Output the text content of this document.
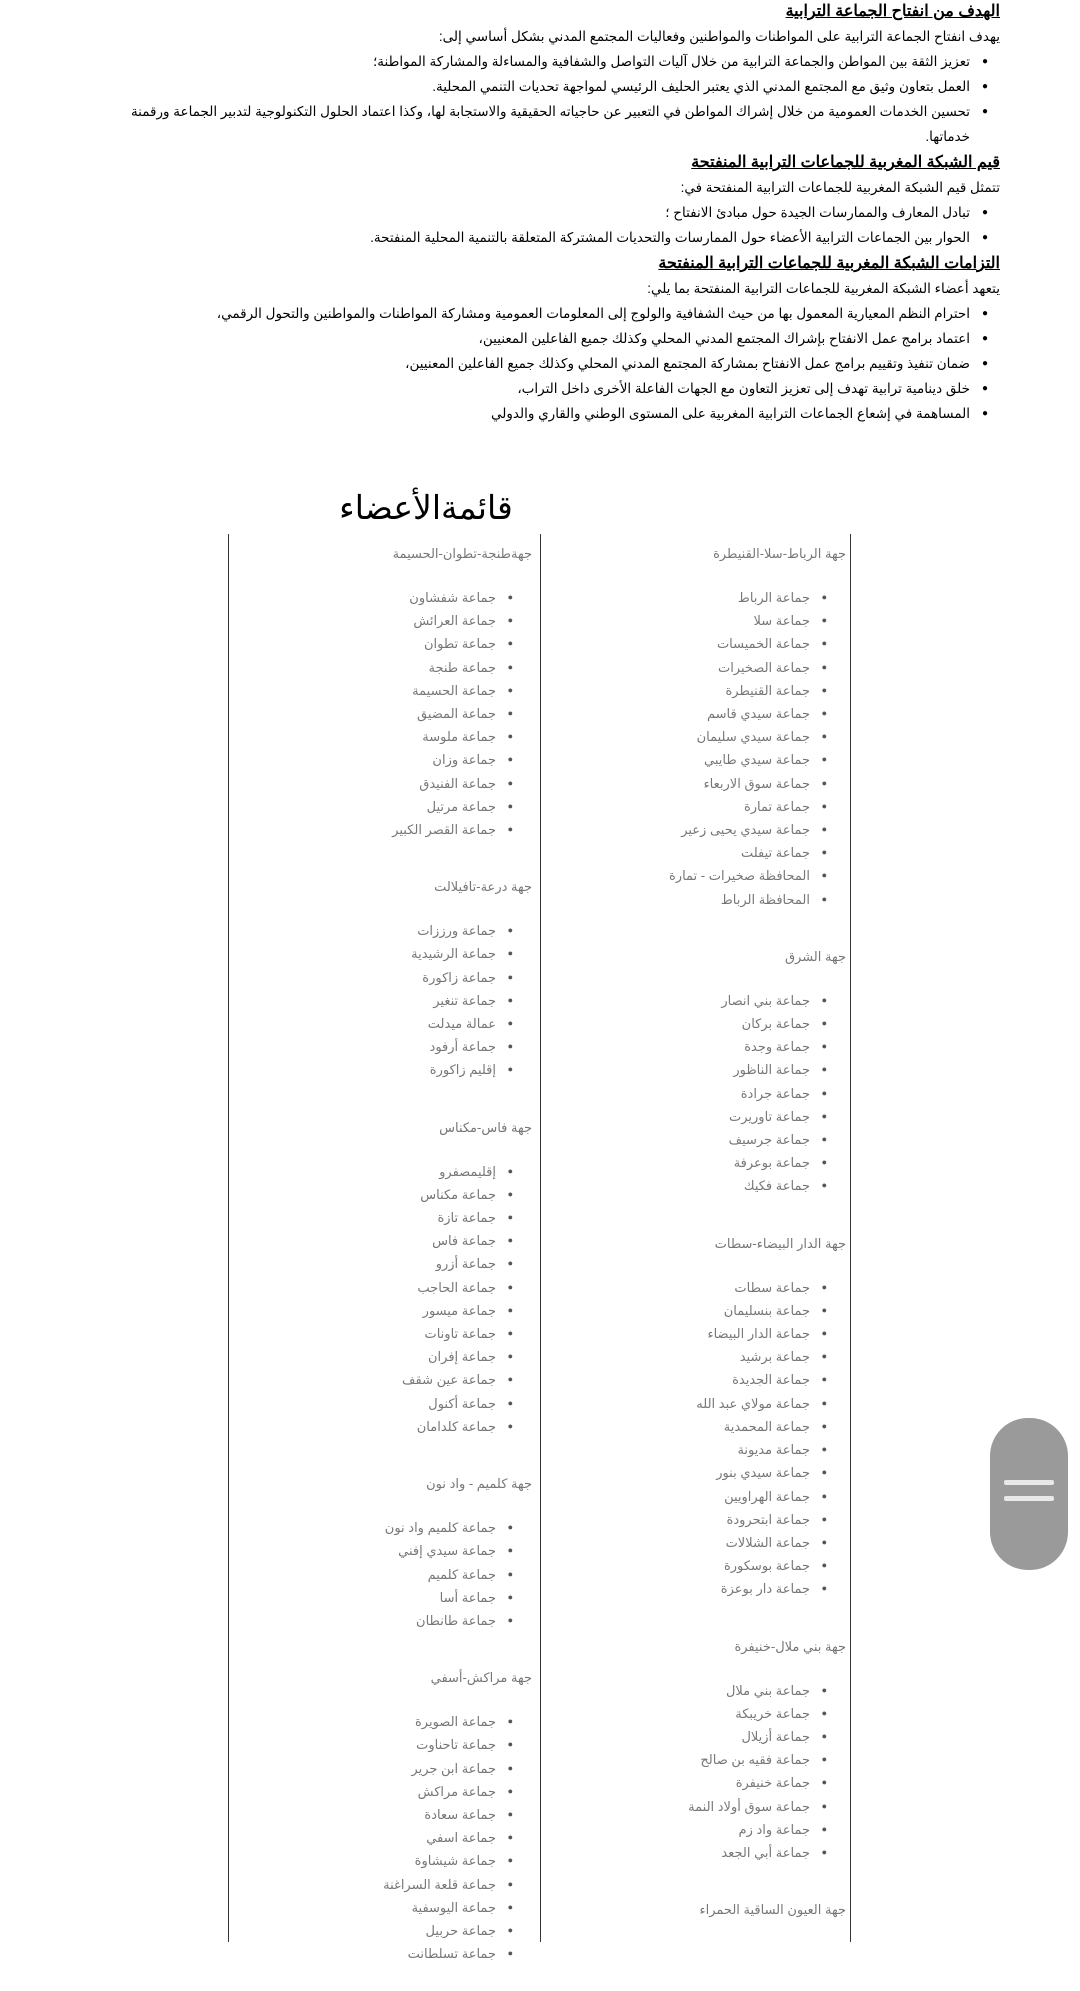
الهدف من انفتاح الجماعة الترابية

يهدف انفتاح الجماعة الترابية على المواطنات والمواطنين وفعاليات المجتمع المدني بشكل أساسي إلى:

● تعزيز الثقة بين المواطن والجماعة الترابية من خلال آليات التواصل والشفافية والمساءلة والمشاركة المواطنة؛
● العمل بتعاون وثيق مع المجتمع المدني الذي يعتبر الحليف الرئيسي لمواجهة تحديات التنمي المحلية.
● تحسين الخدمات العمومية من خلال إشراك المواطن في التعبير عن حاجياته الحقيقية والاستجابة لها، وكذا اعتماد الحلول التكنولوجية لتدبير الجماعة ورقمنة خدماتها.
قيم الشبكة المغربية للجماعات الترابية المنفتحة

تتمثل قيم الشبكة المغربية للجماعات الترابية المنفتحة في:

● تبادل المعارف والممارسات الجيدة حول مبادئ الانفتاح ؛
● الحوار بين الجماعات الترابية الأعضاء حول الممارسات والتحديات المشتركة المتعلقة بالتنمية المحلية المنفتحة.
التزامات الشبكة المغربية للجماعات الترابية المنفتحة

يتعهد أعضاء الشبكة المغربية للجماعات الترابية المنفتحة بما يلي:

● احترام النظم المعيارية المعمول بها من حيث الشفافية والولوج إلى المعلومات العمومية ومشاركة المواطنات والمواطنين والتحول الرقمي،
● اعتماد برامج عمل الانفتاح بإشراك المجتمع المدني المحلي وكذلك جميع الفاعلين المعنيين،
● ضمان تنفيذ وتقييم برامج عمل الانفتاح بمشاركة المجتمع المدني المحلي وكذلك جميع الفاعلين المعنيين،
● خلق دينامية ترابية تهدف إلى تعزيز التعاون مع الجهات الفاعلة الأخرى داخل التراب،
● المساهمة في إشعاع الجماعات الترابية المغربية على المستوى الوطني والقاري والدولي
قائمةالأعضاء
جهة الرباط-سلا-القنيطرة
● جماعة الرباط
● جماعة سلا
● جماعة الخميسات
● جماعة الصخيرات
● جماعة القنيطرة
● جماعة سيدي قاسم
● جماعة سيدي سليمان
● جماعة سيدي طايبي
● جماعة سوق الاربعاء
● جماعة تمارة
● جماعة سيدي يحيى زعير
● جماعة تيفلت
● المحافظة صخيرات - تمارة
● المحافظة الرباط
جهة الشرق
● جماعة بني انصار
● جماعة بركان
● جماعة وجدة
● جماعة الناظور
● جماعة جرادة
● جماعة تاوريرت
● جماعة جرسيف
● جماعة بوعرفة
● جماعة فكيك
جهة الدار البيضاء-سطات
● جماعة سطات
● جماعة بنسليمان
● جماعة الدار البيضاء
● جماعة برشيد
● جماعة الجديدة
● جماعة مولاي عبد الله
● جماعة المحمدية
● جماعة مديونة
● جماعة سيدي بنور
● جماعة الهراويين
● جماعة ابتحرودة
● جماعة الشلالات
● جماعة بوسكورة
● جماعة دار بوعزة
جهة بني ملال-خنيفرة
● جماعة بني ملال
● جماعة خريبكة
● جماعة أزيلال
● جماعة فقيه بن صالح
● جماعة خنيفرة
● جماعة سوق أولاد النمة
● جماعة واد زم
● جماعة أبي الجعد
جهة العيون الساقية الحمراء
جهةطنجة-تطوان-الحسيمة
● جماعة شفشاون
● جماعة العرائش
● جماعة تطوان
● جماعة طنجة
● جماعة الحسيمة
● جماعة المضيق
● جماعة ملوسة
● جماعة وزان
● جماعة الفنيدق
● جماعة مرتيل
● جماعة القصر الكبير
جهة درعة-تافيلالت
● جماعة ورززات
● جماعة الرشيدية
● جماعة زاكورة
● جماعة تنغير
● عمالة ميدلت
● جماعة أرفود
● إقليم زاكورة
جهة فاس-مكناس
● إقليمصفرو
● جماعة مكناس
● جماعة تازة
● جماعة فاس
● جماعة أزرو
● جماعة الحاجب
● جماعة ميسور
● جماعة تاونات
● جماعة إفران
● جماعة عين شقف
● جماعة أكنول
● جماعة كلدامان
جهة كلميم - واد نون
● جماعة كلميم واد نون
● جماعة سيدي إفني
● جماعة كلميم
● جماعة أسا
● جماعة طانطان
جهة مراكش-أسفي
● جماعة الصويرة
● جماعة تاحناوت
● جماعة ابن جرير
● جماعة مراكش
● جماعة سعادة
● جماعة اسفي
● جماعة شيشاوة
● جماعة قلعة السراغنة
● جماعة اليوسفية
● جماعة حربيل
● جماعة تسلطانت
